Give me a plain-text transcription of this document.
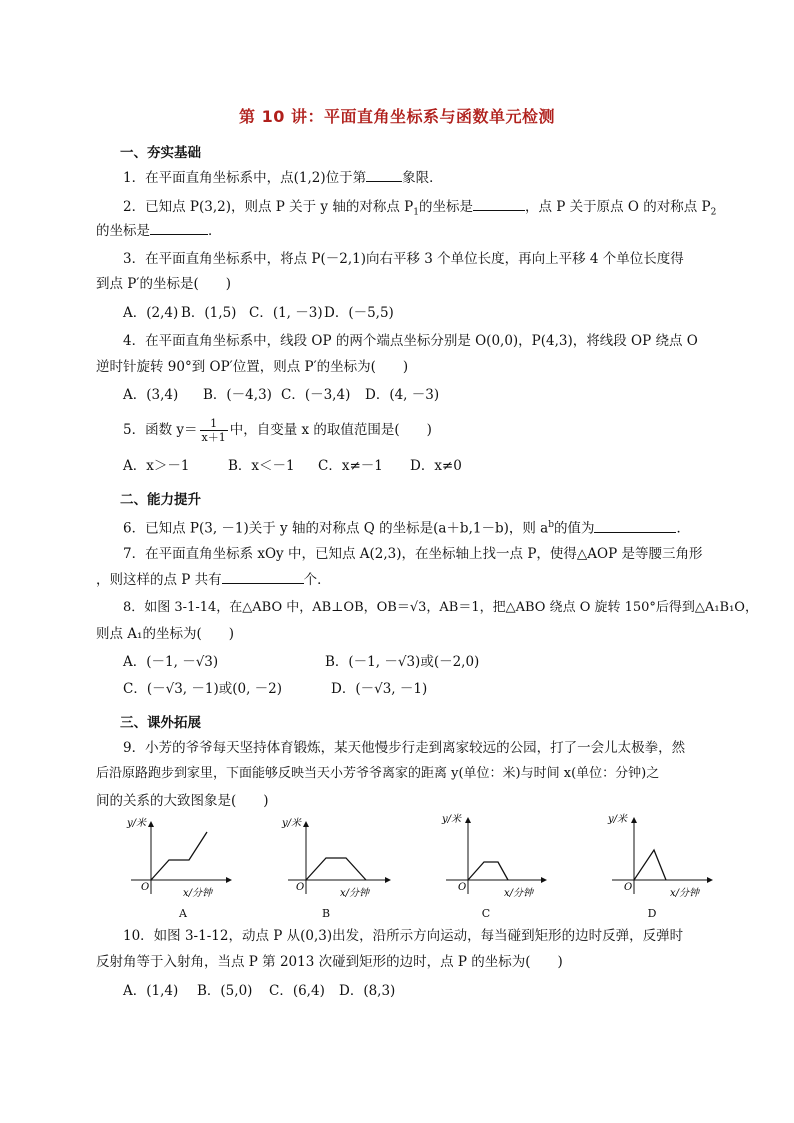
第 10 讲：平面直角坐标系与函数单元检测
一、夯实基础
1．在平面直角坐标系中，点(1,2)位于第	象限．
2．已知点 P(3,2)，则点 P 关于 y 轴的对称点 $P_1$的坐标是	，点 P 关于原点 O 的对称点 $P_2$
的坐标是	．
3．在平面直角坐标系中，将点 P(－2,1)向右平移 3 个单位长度，再向上平移 4 个单位长度得
到点 P′的坐标是(　　)
A．(2,4) B．(1,5) C．(1, －3)D．(－5,5)
4．在平面直角坐标系中，线段 OP 的两个端点坐标分别是 O(0,0)，P(4,3)，将线段 OP 绕点 O
逆时针旋转 90°到 OP′位置，则点 P′的坐标为(　　)
A．(3,4) B．(－4,3) C．(－3,4) D．(4, －3)
5．函数 $y= \frac{1}{x+1}$ 中，自变量 x 的取值范围是(　　)
A．x＞－1	B．x＜－1 C．x≠－1 D．x≠0
二、能力提升
6．已知点 P(3, －1)关于 y 轴的对称点 Q 的坐标是(a＋b,1－b)，则 $a^b$的值为	．
7．在平面直角坐标系 xOy 中，已知点 A(2,3)，在坐标轴上找一点 P，使得△AOP 是等腰三角形
，则这样的点 P 共有	个．
8．如图 3-1-14，在△ABO 中，AB⊥OB，OB＝√3，AB＝1，把△ABO 绕点 O 旋转 150°后得到△A₁B₁O，
则点 A₁的坐标为(　　)
A．(－1, －√3)	B．(－1, －√3)或(－2,0)
C．(－√3, －1)或(0, －2)	D．(－√3, －1)
三、课外拓展
9．小芳的爷爷每天坚持体育锻炼，某天他慢步行走到离家较远的公园，打了一会儿太极拳，然
后沿原路跑步到家里，下面能够反映当天小芳爷爷离家的距离 y(单位：米)与时间 x(单位：分钟)之
间的关系的大致图象是(　　)
y/米
O
x/分钟
A
y/米
O
x/分钟
B
y/米
O
x/分钟
C
y/米
O
x/分钟
D
10．如图 3-1-12，动点 P 从(0,3)出发，沿所示方向运动，每当碰到矩形的边时反弹，反弹时
反射角等于入射角，当点 P 第 2013 次碰到矩形的边时，点 P 的坐标为(　　)
A．(1,4) B．(5,0) C．(6,4) D．(8,3)
